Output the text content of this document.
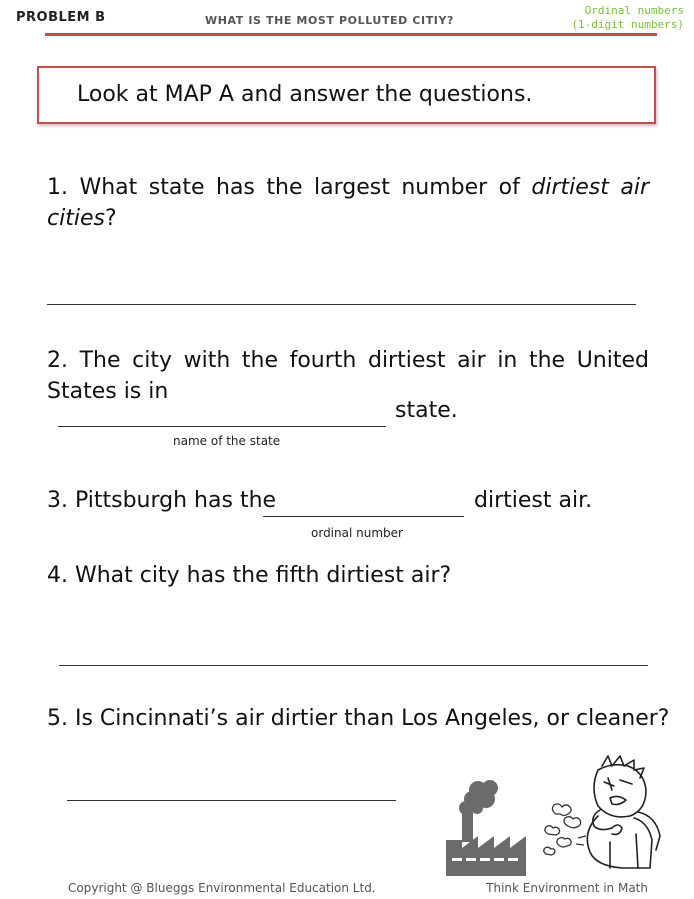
PROBLEM B	WHAT IS THE MOST POLLUTED CITIY?
Ordinal numbers
(1-digit numbers)
Look at MAP A and answer the questions.
1. What state has the largest number of dirtiest air cities?
2. The city with the fourth dirtiest air in the United States is in
state.
name of the state
3. Pittsburgh has the	dirtiest air.
ordinal number
4. What city has the fifth dirtiest air?
5. Is Cincinnati’s air dirtier than Los Angeles, or cleaner?
Copyright @ Blueggs Environmental Education Ltd.	Think Environment in Math
